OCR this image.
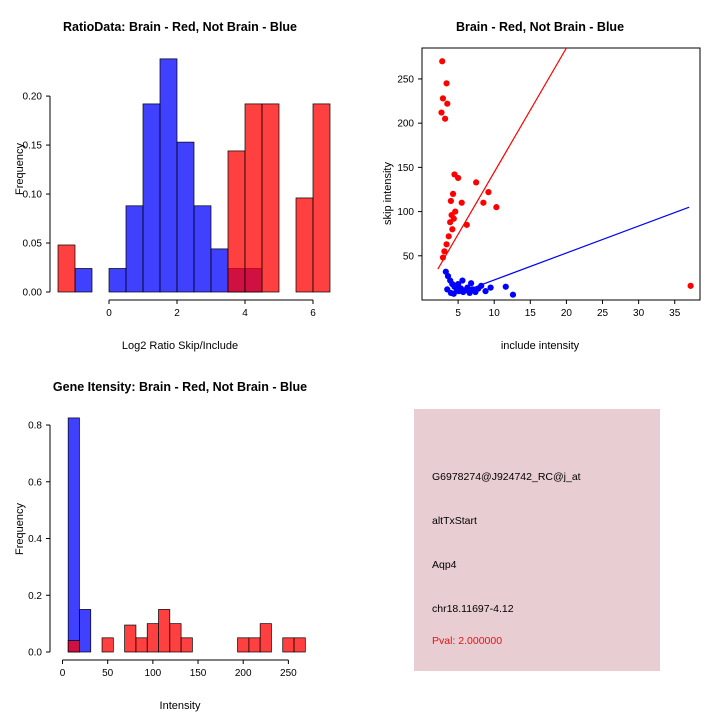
RatioData: Brain - Red, Not Brain - Blue
0.00
0.05
0.10
0.15
0.20
0	2	4	6
Log2 Ratio Skip/Include
Frequency
Brain - Red, Not Brain - Blue
50
100
150
200
250
5	10 15 20 25 30 35
include intensity
skip intensity
Gene Itensity: Brain - Red, Not Brain - Blue
0.0
0.2
0.4
0.6
0.8
0	50	100	150	200	250
Intensity
Frequency
G6978274@J924742_RC@j_at
altTxStart
Aqp4
chr18.11697-4.12
Pval: 2.000000
